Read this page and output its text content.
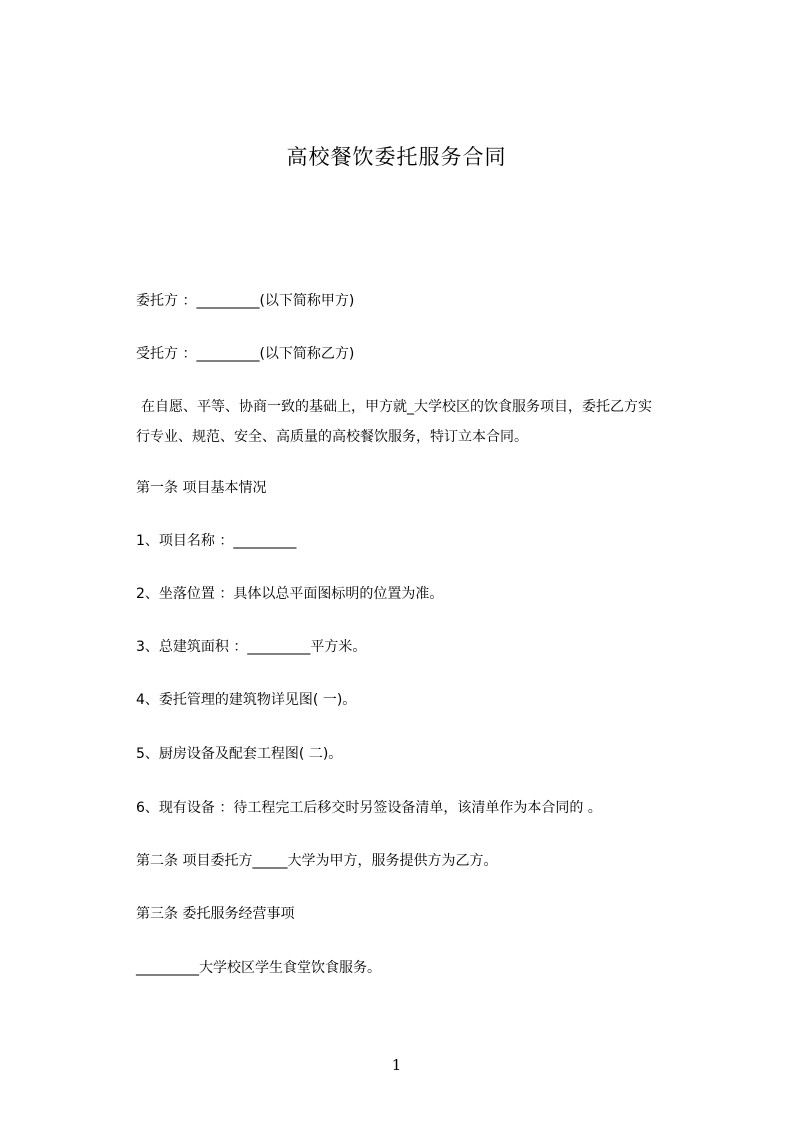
高校餐饮委托服务合同
委托方 ：_________(以下简称甲方)
受托方 ：_________(以下简称乙方)
在自愿、平等、协商一致的基础上，甲方就_大学校区的饮食服务项目，委托乙方实行专业、规范、安全、高质量的高校餐饮服务，特订立本合同。
第一条 项目基本情况
1、项目名称 ：_________
2、坐落位置 ：具体以总平面图标明的位置为准。
3、总建筑面积 ：_________平方米。
4、委托管理的建筑物详见图( 一)。
5、厨房设备及配套工程图( 二)。
6、现有设备 ：待工程完工后移交时另签设备清单，该清单作为本合同的 。
第二条 项目委托方_____大学为甲方，服务提供方为乙方。
第三条 委托服务经营事项
_________大学校区学生食堂饮食服务。
1
